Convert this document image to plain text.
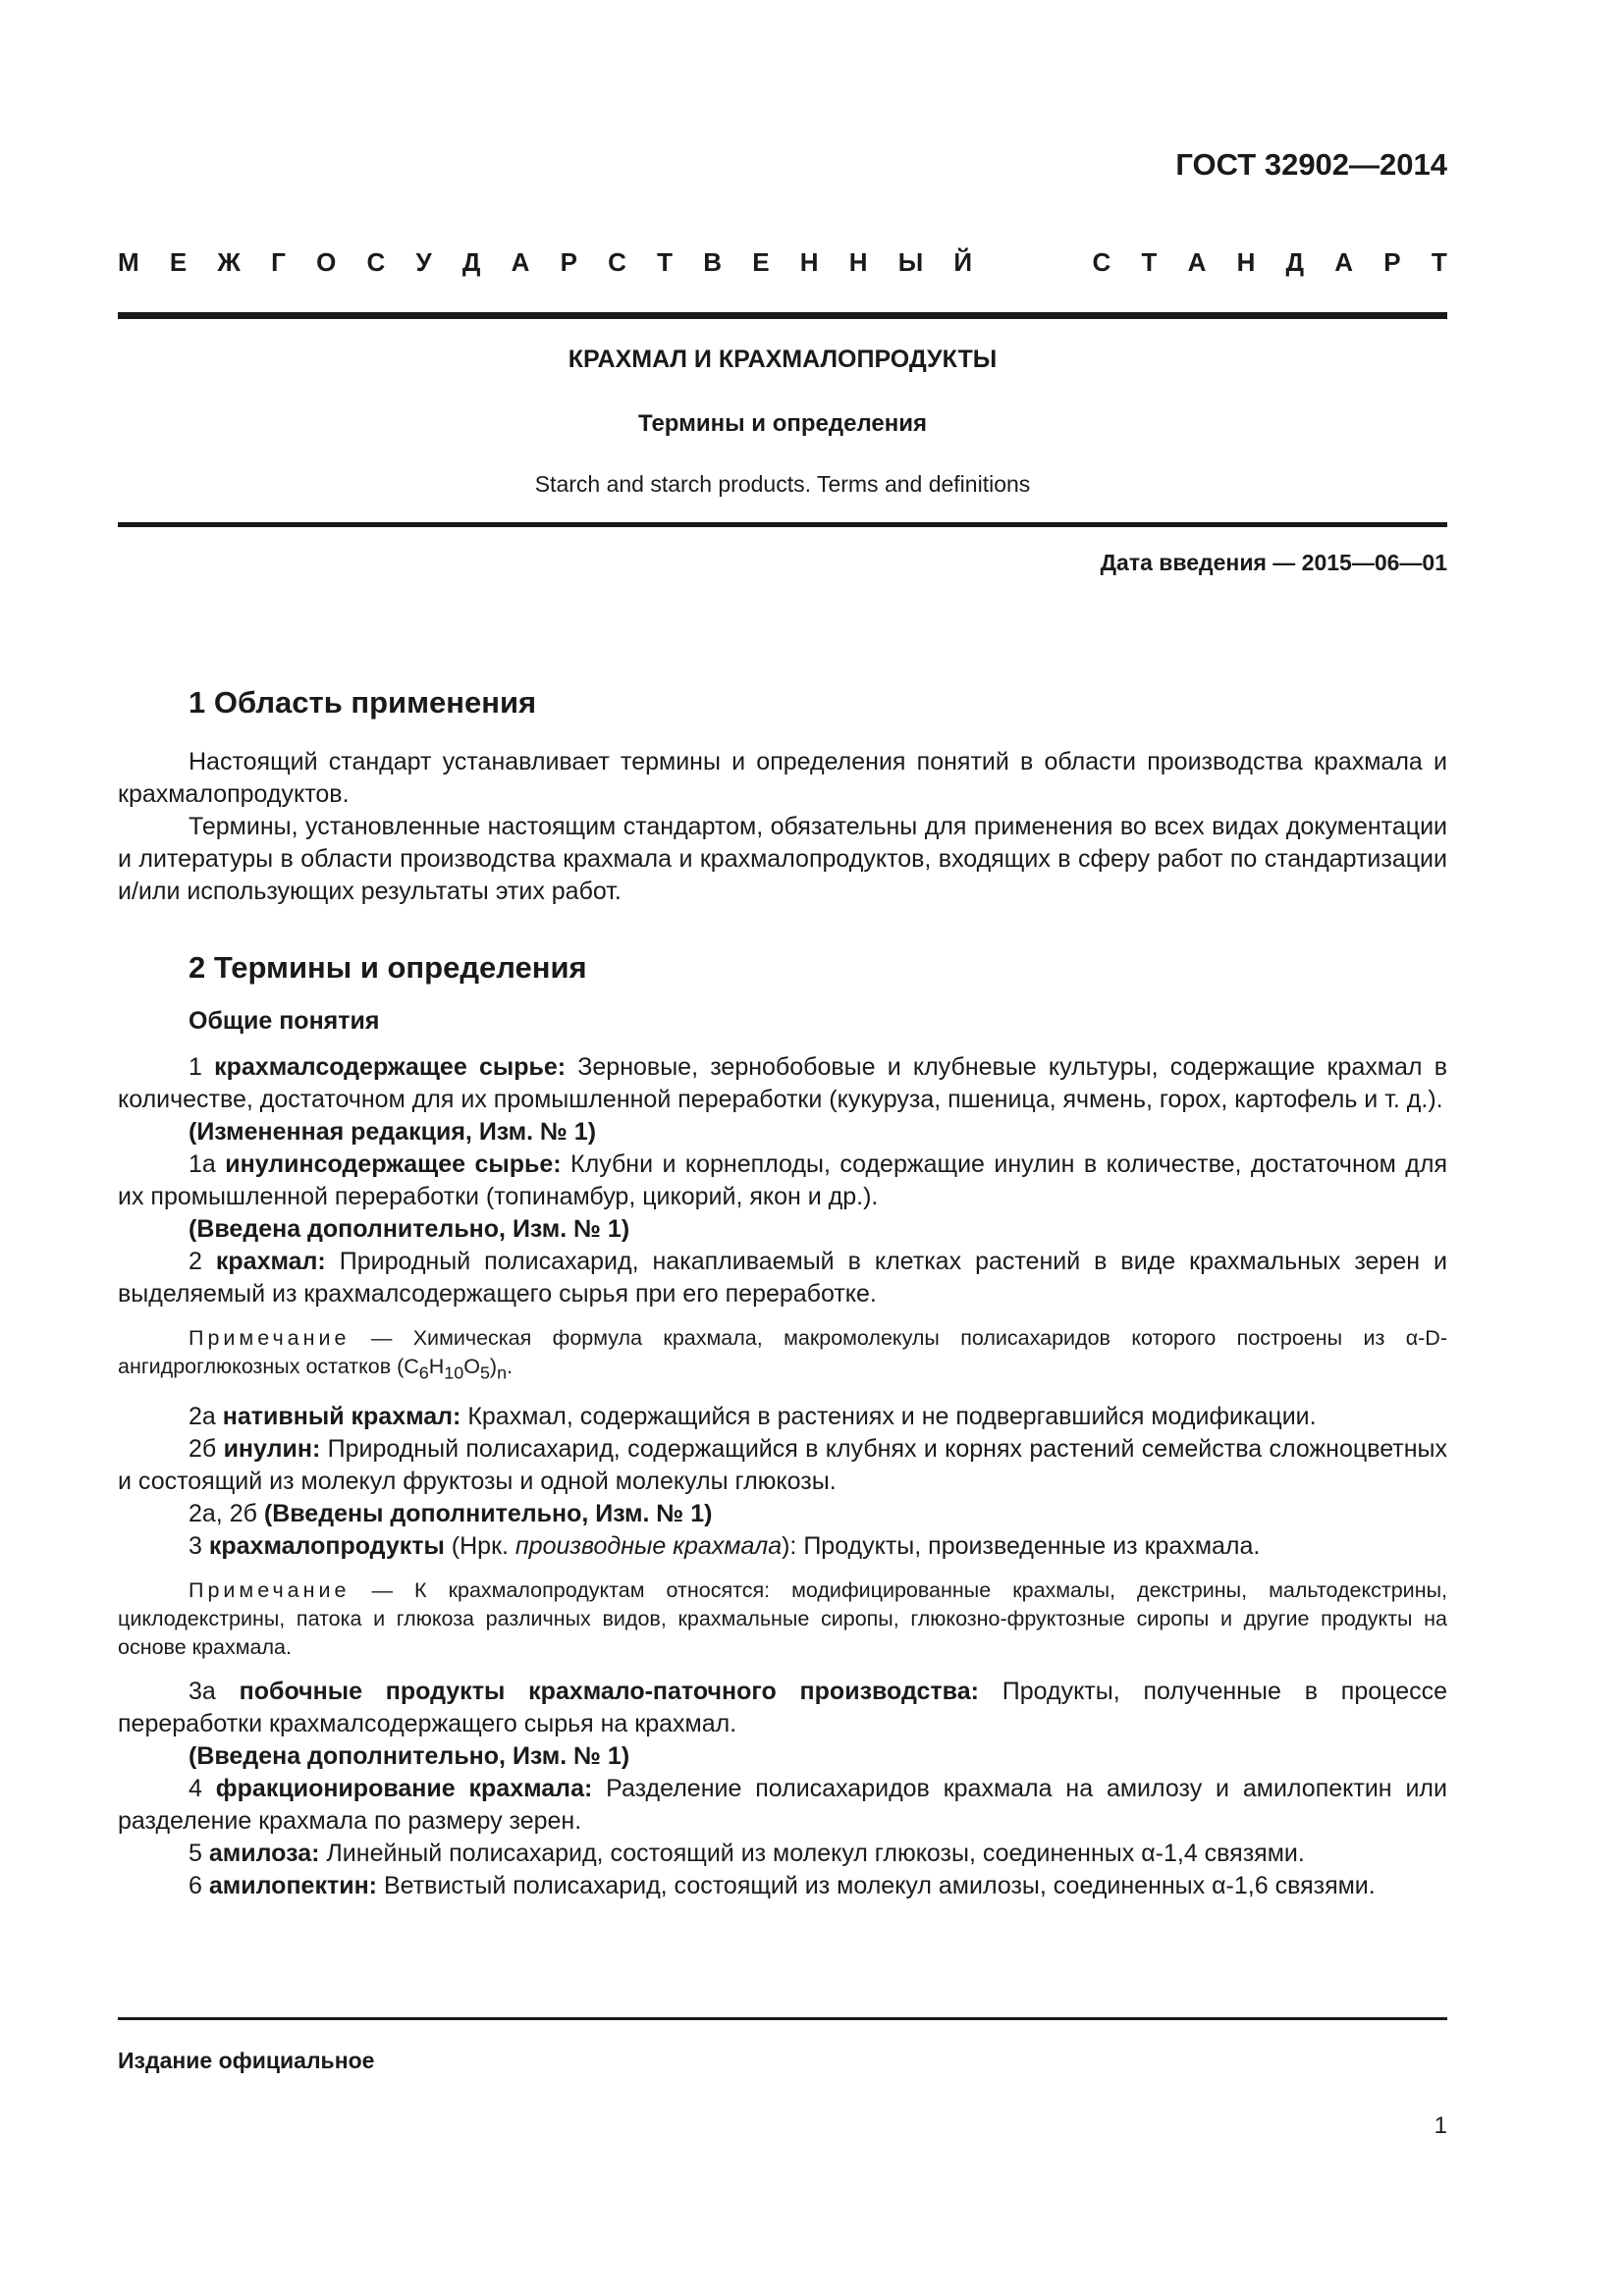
ГОСТ 32902—2014
М Е Ж Г О С У Д А Р С Т В Е Н Н Ы Й	С Т А Н Д А Р Т
КРАХМАЛ И КРАХМАЛОПРОДУКТЫ
Термины и определения
Starch and starch products. Terms and definitions
Дата введения — 2015—06—01
1 Область применения

Настоящий стандарт устанавливает термины и определения понятий в области производства крахмала и крахмалопродуктов.

Термины, установленные настоящим стандартом, обязательны для применения во всех видах документации и литературы в области производства крахмала и крахмалопродуктов, входящих в сферу работ по стандартизации и/или использующих результаты этих работ.

2 Термины и определения
Общие понятия

1 крахмалсодержащее сырье: Зерновые, зернобобовые и клубневые культуры, содержащие крахмал в количестве, достаточном для их промышленной переработки (кукуруза, пшеница, ячмень, горох, картофель и т. д.).

(Измененная редакция, Изм. № 1)

1а инулинсодержащее сырье: Клубни и корнеплоды, содержащие инулин в количестве, достаточном для их промышленной переработки (топинамбур, цикорий, якон и др.).

(Введена дополнительно, Изм. № 1)

2 крахмал: Природный полисахарид, накапливаемый в клетках растений в виде крахмальных зерен и выделяемый из крахмалсодержащего сырья при его переработке.

Примечание — Химическая формула крахмала, макромолекулы полисахаридов которого построены из α-D-ангидроглюкозных остатков $(C_6H_{10}O_5)_n$.

2а нативный крахмал: Крахмал, содержащийся в растениях и не подвергавшийся модификации.

2б инулин: Природный полисахарид, содержащийся в клубнях и корнях растений семейства сложноцветных и состоящий из молекул фруктозы и одной молекулы глюкозы.

2а, 2б (Введены дополнительно, Изм. № 1)

3 крахмалопродукты (Нрк. производные крахмала): Продукты, произведенные из крахмала.

Примечание — К крахмалопродуктам относятся: модифицированные крахмалы, декстрины, мальтодекстрины, циклодекстрины, патока и глюкоза различных видов, крахмальные сиропы, глюкозно-фруктозные сиропы и другие продукты на основе крахмала.

3а побочные продукты крахмало-паточного производства: Продукты, полученные в процессе переработки крахмалсодержащего сырья на крахмал.

(Введена дополнительно, Изм. № 1)

4 фракционирование крахмала: Разделение полисахаридов крахмала на амилозу и амилопектин или разделение крахмала по размеру зерен.

5 амилоза: Линейный полисахарид, состоящий из молекул глюкозы, соединенных α-1,4 связями.

6 амилопектин: Ветвистый полисахарид, состоящий из молекул амилозы, соединенных α-1,6 связями.

Издание официальное
1
